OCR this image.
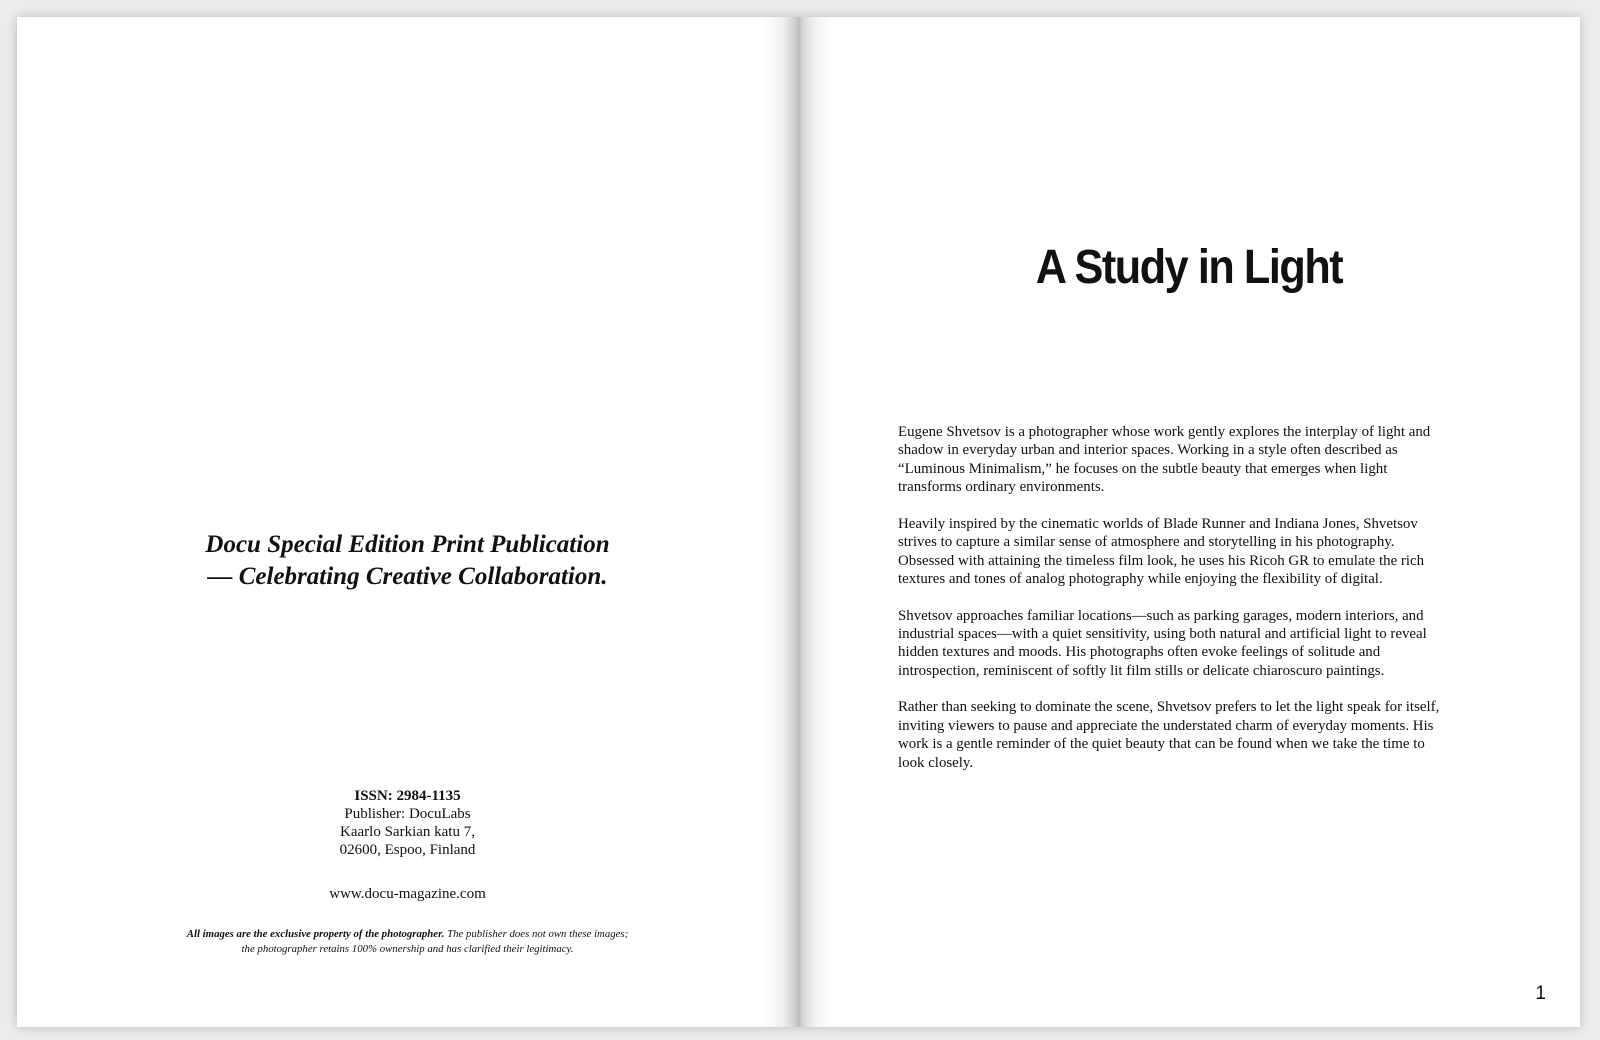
Docu Special Edition Print Publication
— Celebrating Creative Collaboration.
ISSN: 2984-1135
Publisher: DocuLabs
Kaarlo Sarkian katu 7,
02600, Espoo, Finland
www.docu-magazine.com
All images are the exclusive property of the photographer. The publisher does not own these images;
the photographer retains 100% ownership and has clarified their legitimacy.
A Study in Light
1

Eugene Shvetsov is a photographer whose work gently explores the interplay of light and shadow in everyday urban and interior spaces. Working in a style often described as “Luminous Minimalism,” he focuses on the subtle beauty that emerges when light transforms ordinary environments.

Heavily inspired by the cinematic worlds of Blade Runner and Indiana Jones, Shvetsov strives to capture a similar sense of atmosphere and storytelling in his photography. Obsessed with attaining the timeless film look, he uses his Ricoh GR to emulate the rich textures and tones of analog photography while enjoying the flexibility of digital.

Shvetsov approaches familiar locations—such as parking garages, modern interiors, and industrial spaces—with a quiet sensitivity, using both natural and artificial light to reveal hidden textures and moods. His photographs often evoke feelings of solitude and introspection, reminiscent of softly lit film stills or delicate chiaroscuro paintings.

Rather than seeking to dominate the scene, Shvetsov prefers to let the light speak for itself, inviting viewers to pause and appreciate the understated charm of everyday moments. His work is a gentle reminder of the quiet beauty that can be found when we take the time to look closely.
